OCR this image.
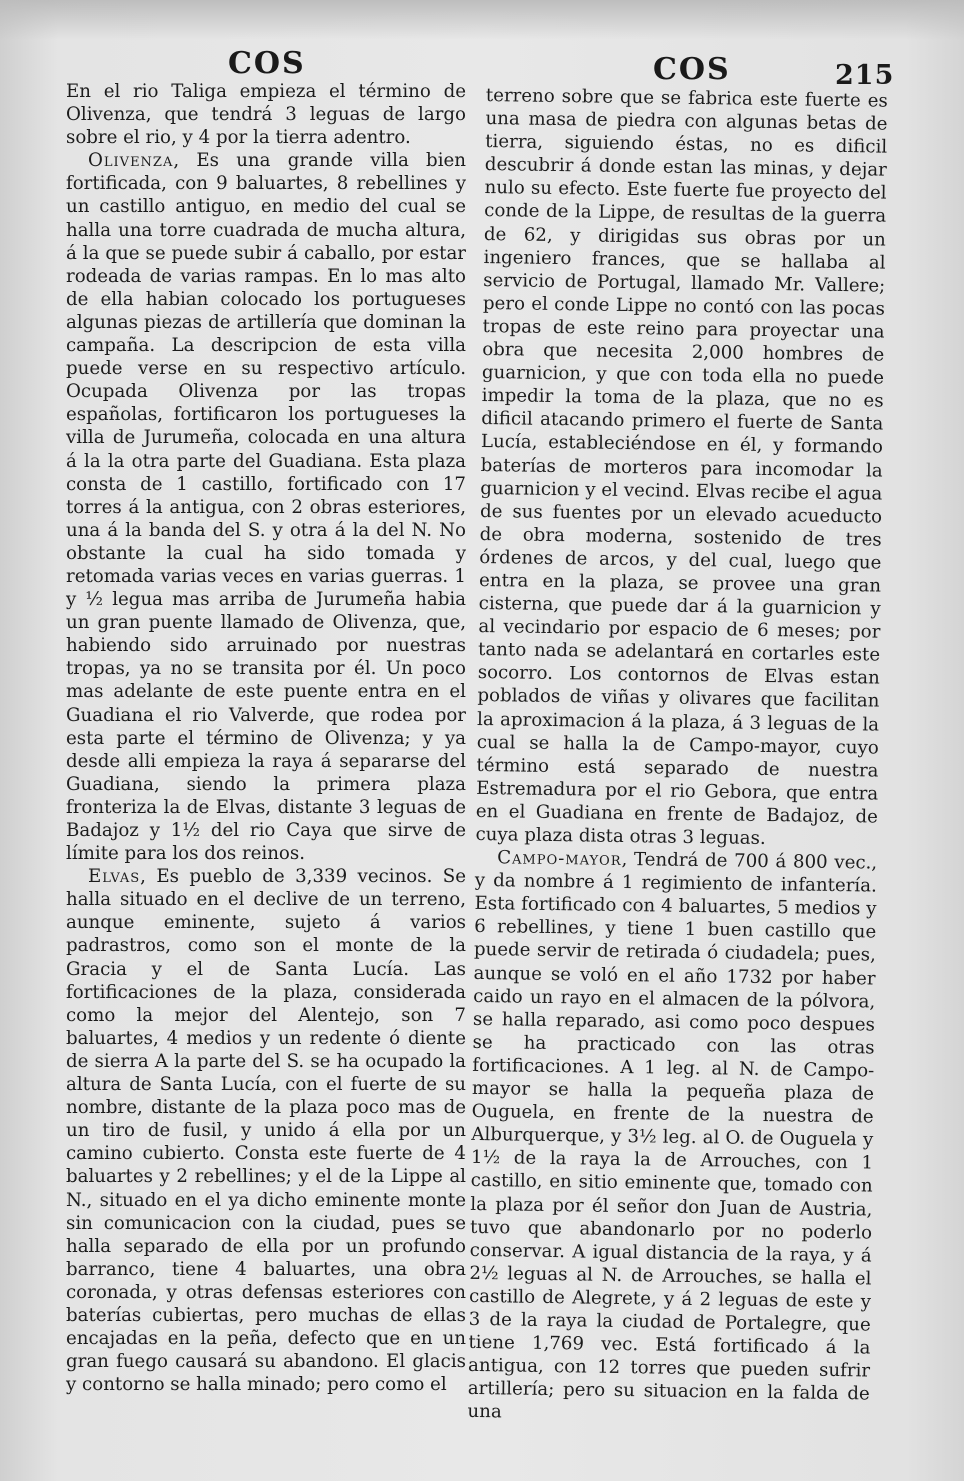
COS	COS	215

En el rio Taliga empieza el término de Olivenza, que tendrá 3 leguas de largo sobre el rio, y 4 por la tierra adentro.

Olivenza, Es una grande villa bien fortificada, con 9 baluartes, 8 rebellines y un castillo antiguo, en medio del cual se halla una torre cuadrada de mucha altura, á la que se puede subir á caballo, por estar rodeada de varias rampas. En lo mas alto de ella habian colocado los portugueses algunas piezas de artillería que dominan la campaña. La descripcion de esta villa puede verse en su respectivo artículo. Ocupada Olivenza por las tropas españolas, fortificaron los portugueses la villa de Jurumeña, colocada en una altura á la la otra parte del Guadiana. Esta plaza consta de 1 castillo, fortificado con 17 torres á la antigua, con 2 obras esteriores, una á la banda del S. y otra á la del N. No obstante la cual ha sido tomada y retomada varias veces en varias guerras. 1 y ½ legua mas arriba de Jurumeña habia un gran puente llamado de Olivenza, que, habiendo sido arruinado por nuestras tropas, ya no se transita por él. Un poco mas adelante de este puente entra en el Guadiana el rio Valverde, que rodea por esta parte el término de Olivenza; y ya desde alli empieza la raya á separarse del Guadiana, siendo la primera plaza fronteriza la de Elvas, distante 3 leguas de Badajoz y 1½ del rio Caya que sirve de límite para los dos reinos.

Elvas, Es pueblo de 3,339 vecinos. Se halla situado en el declive de un terreno, aunque eminente, sujeto á varios padrastros, como son el monte de la Gracia y el de Santa Lucía. Las fortificaciones de la plaza, considerada como la mejor del Alentejo, son 7 baluartes, 4 medios y un redente ó diente de sierra A la parte del S. se ha ocupado la altura de Santa Lucía, con el fuerte de su nombre, distante de la plaza poco mas de un tiro de fusil, y unido á ella por un camino cubierto. Consta este fuerte de 4 baluartes y 2 rebellines; y el de la Lippe al N., situado en el ya dicho eminente monte sin comunicacion con la ciudad, pues se halla separado de ella por un profundo barranco, tiene 4 baluartes, una obra coronada, y otras defensas esteriores con baterías cubiertas, pero muchas de ellas encajadas en la peña, defecto que en un gran fuego causará su abandono. El glacis y contorno se halla minado; pero como el

terreno sobre que se fabrica este fuerte es una masa de piedra con algunas betas de tierra, siguiendo éstas, no es dificil descubrir á donde estan las minas, y dejar nulo su efecto. Este fuerte fue proyecto del conde de la Lippe, de resultas de la guerra de 62, y dirigidas sus obras por un ingeniero frances, que se hallaba al servicio de Portugal, llamado Mr. Vallere; pero el conde Lippe no contó con las pocas tropas de este reino para proyectar una obra que necesita 2,000 hombres de guarnicion, y que con toda ella no puede impedir la toma de la plaza, que no es dificil atacando primero el fuerte de Santa Lucía, estableciéndose en él, y formando baterías de morteros para incomodar la guarnicion y el vecind. Elvas recibe el agua de sus fuentes por un elevado acueducto de obra moderna, sostenido de tres órdenes de arcos, y del cual, luego que entra en la plaza, se provee una gran cisterna, que puede dar á la guarnicion y al vecindario por espacio de 6 meses; por tanto nada se adelantará en cortarles este socorro. Los contornos de Elvas estan poblados de viñas y olivares que facilitan la aproximacion á la plaza, á 3 leguas de la cual se halla la de Campo-mayor, cuyo término está separado de nuestra Estremadura por el rio Gebora, que entra en el Guadiana en frente de Badajoz, de cuya plaza dista otras 3 leguas.

Campo-mayor, Tendrá de 700 á 800 vec., y da nombre á 1 regimiento de infantería. Esta fortificado con 4 baluartes, 5 medios y 6 rebellines, y tiene 1 buen castillo que puede servir de retirada ó ciudadela; pues, aunque se voló en el año 1732 por haber caido un rayo en el almacen de la pólvora, se halla reparado, asi como poco despues se ha practicado con las otras fortificaciones. A 1 leg. al N. de Campo-mayor se halla la pequeña plaza de Ouguela, en frente de la nuestra de Alburquerque, y 3½ leg. al O. de Ouguela y 1½ de la raya la de Arrouches, con 1 castillo, en sitio eminente que, tomado con la plaza por él señor don Juan de Austria, tuvo que abandonarlo por no poderlo conservar. A igual distancia de la raya, y á 2½ leguas al N. de Arrouches, se halla el castillo de Alegrete, y á 2 leguas de este y 3 de la raya la ciudad de Portalegre, que tiene 1,769 vec. Está fortificado á la antigua, con 12 torres que pueden sufrir artillería; pero su situacion en la falda de una
